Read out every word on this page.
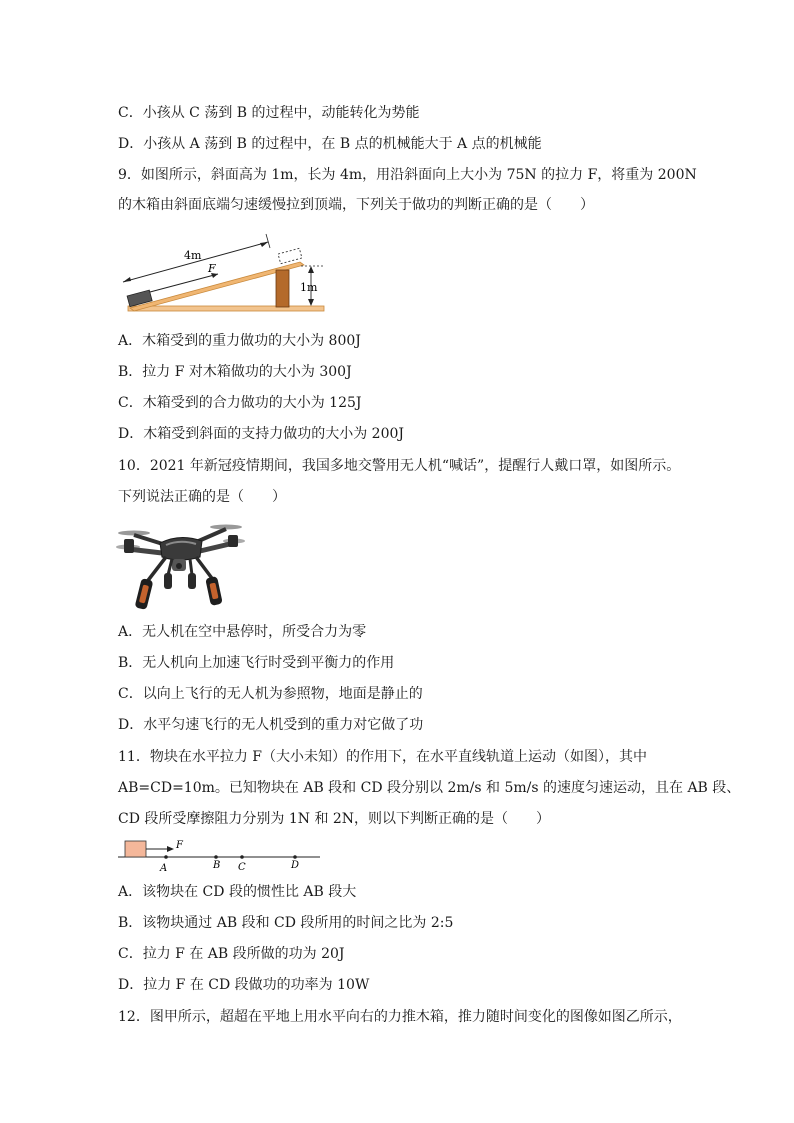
C．小孩从 C 荡到 B 的过程中，动能转化为势能
D．小孩从 A 荡到 B 的过程中，在 B 点的机械能大于 A 点的机械能
9．如图所示，斜面高为 1m，长为 4m，用沿斜面向上大小为 75N 的拉力 F，将重为 200N
的木箱由斜面底端匀速缓慢拉到顶端，下列关于做功的判断正确的是（　　）
F
4m
1m
A．木箱受到的重力做功的大小为 800J
B．拉力 F 对木箱做功的大小为 300J
C．木箱受到的合力做功的大小为 125J
D．木箱受到斜面的支持力做功的大小为 200J
10．2021 年新冠疫情期间，我国多地交警用无人机“喊话”，提醒行人戴口罩，如图所示。
下列说法正确的是（　　）
A．无人机在空中悬停时，所受合力为零
B．无人机向上加速飞行时受到平衡力的作用
C．以向上飞行的无人机为参照物，地面是静止的
D．水平匀速飞行的无人机受到的重力对它做了功
11．物块在水平拉力 F（大小未知）的作用下，在水平直线轨道上运动（如图），其中
AB=CD=10m。已知物块在 AB 段和 CD 段分别以 2m/s 和 5m/s 的速度匀速运动，且在 AB 段、
CD 段所受摩擦阻力分别为 1N 和 2N，则以下判断正确的是（　　）
F
A	B C	D
A．该物块在 CD 段的惯性比 AB 段大
B．该物块通过 AB 段和 CD 段所用的时间之比为 2:5
C．拉力 F 在 AB 段所做的功为 20J
D．拉力 F 在 CD 段做功的功率为 10W
12．图甲所示，超超在平地上用水平向右的力推木箱，推力随时间变化的图像如图乙所示，
